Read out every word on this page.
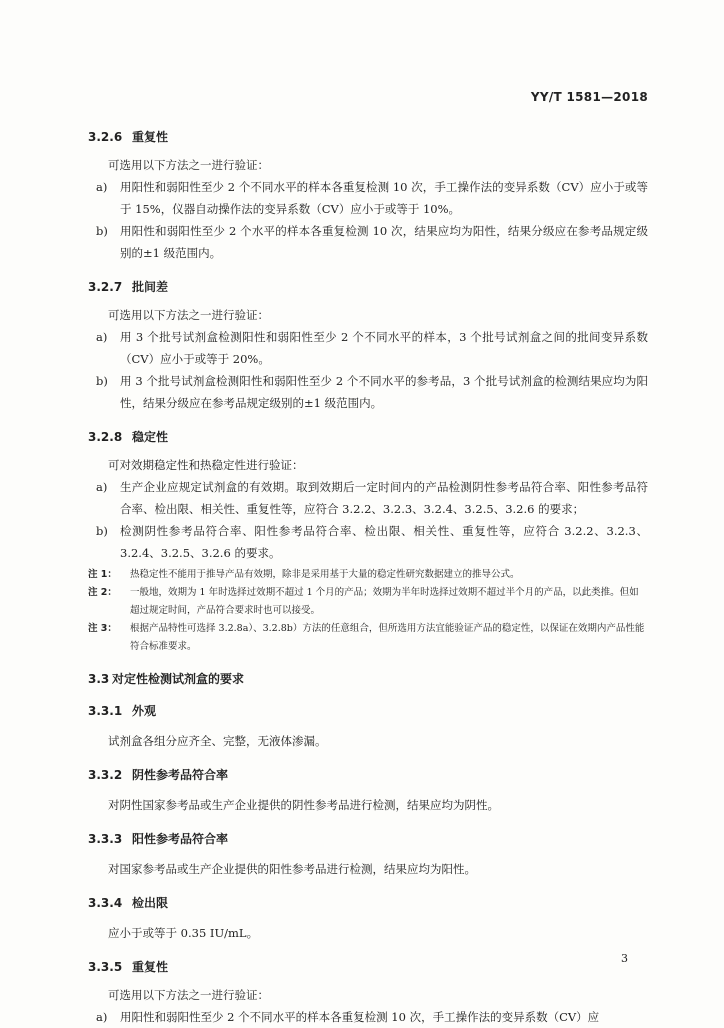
YY/T 1581—2018
3.2.6 重复性
可选用以下方法之一进行验证：
a)	用阳性和弱阳性至少 2 个不同水平的样本各重复检测 10 次，手工操作法的变异系数（CV）应小于或等于 15%，仪器自动操作法的变异系数（CV）应小于或等于 10%。
b)	用阳性和弱阳性至少 2 个水平的样本各重复检测 10 次，结果应均为阳性，结果分级应在参考品规定级别的±1 级范围内。
3.2.7 批间差
可选用以下方法之一进行验证：
a)	用 3 个批号试剂盒检测阳性和弱阳性至少 2 个不同水平的样本，3 个批号试剂盒之间的批间变异系数（CV）应小于或等于 20%。
b)	用 3 个批号试剂盒检测阳性和弱阳性至少 2 个不同水平的参考品，3 个批号试剂盒的检测结果应均为阳性，结果分级应在参考品规定级别的±1 级范围内。
3.2.8 稳定性
可对效期稳定性和热稳定性进行验证：
a)	生产企业应规定试剂盒的有效期。取到效期后一定时间内的产品检测阴性参考品符合率、阳性参考品符合率、检出限、相关性、重复性等，应符合 3.2.2、3.2.3、3.2.4、3.2.5、3.2.6 的要求；
b)	检测阴性参考品符合率、阳性参考品符合率、检出限、相关性、重复性等，应符合 3.2.2、3.2.3、3.2.4、3.2.5、3.2.6 的要求。
注 1：	热稳定性不能用于推导产品有效期，除非是采用基于大量的稳定性研究数据建立的推导公式。
注 2：	一般地，效期为 1 年时选择过效期不超过 1 个月的产品；效期为半年时选择过效期不超过半个月的产品，以此类推。但如超过规定时间，产品符合要求时也可以接受。
注 3：	根据产品特性可选择 3.2.8a）、3.2.8b）方法的任意组合，但所选用方法宜能验证产品的稳定性，以保证在效期内产品性能符合标准要求。
3.3 对定性检测试剂盒的要求
3.3.1 外观
试剂盒各组分应齐全、完整，无液体渗漏。
3.3.2 阴性参考品符合率
对阴性国家参考品或生产企业提供的阴性参考品进行检测，结果应均为阴性。
3.3.3 阳性参考品符合率
对国家参考品或生产企业提供的阳性参考品进行检测，结果应均为阳性。
3.3.4 检出限
应小于或等于 0.35 IU/mL。
3.3.5 重复性
可选用以下方法之一进行验证：
a)	用阳性和弱阳性至少 2 个不同水平的样本各重复检测 10 次，手工操作法的变异系数（CV）应
3
